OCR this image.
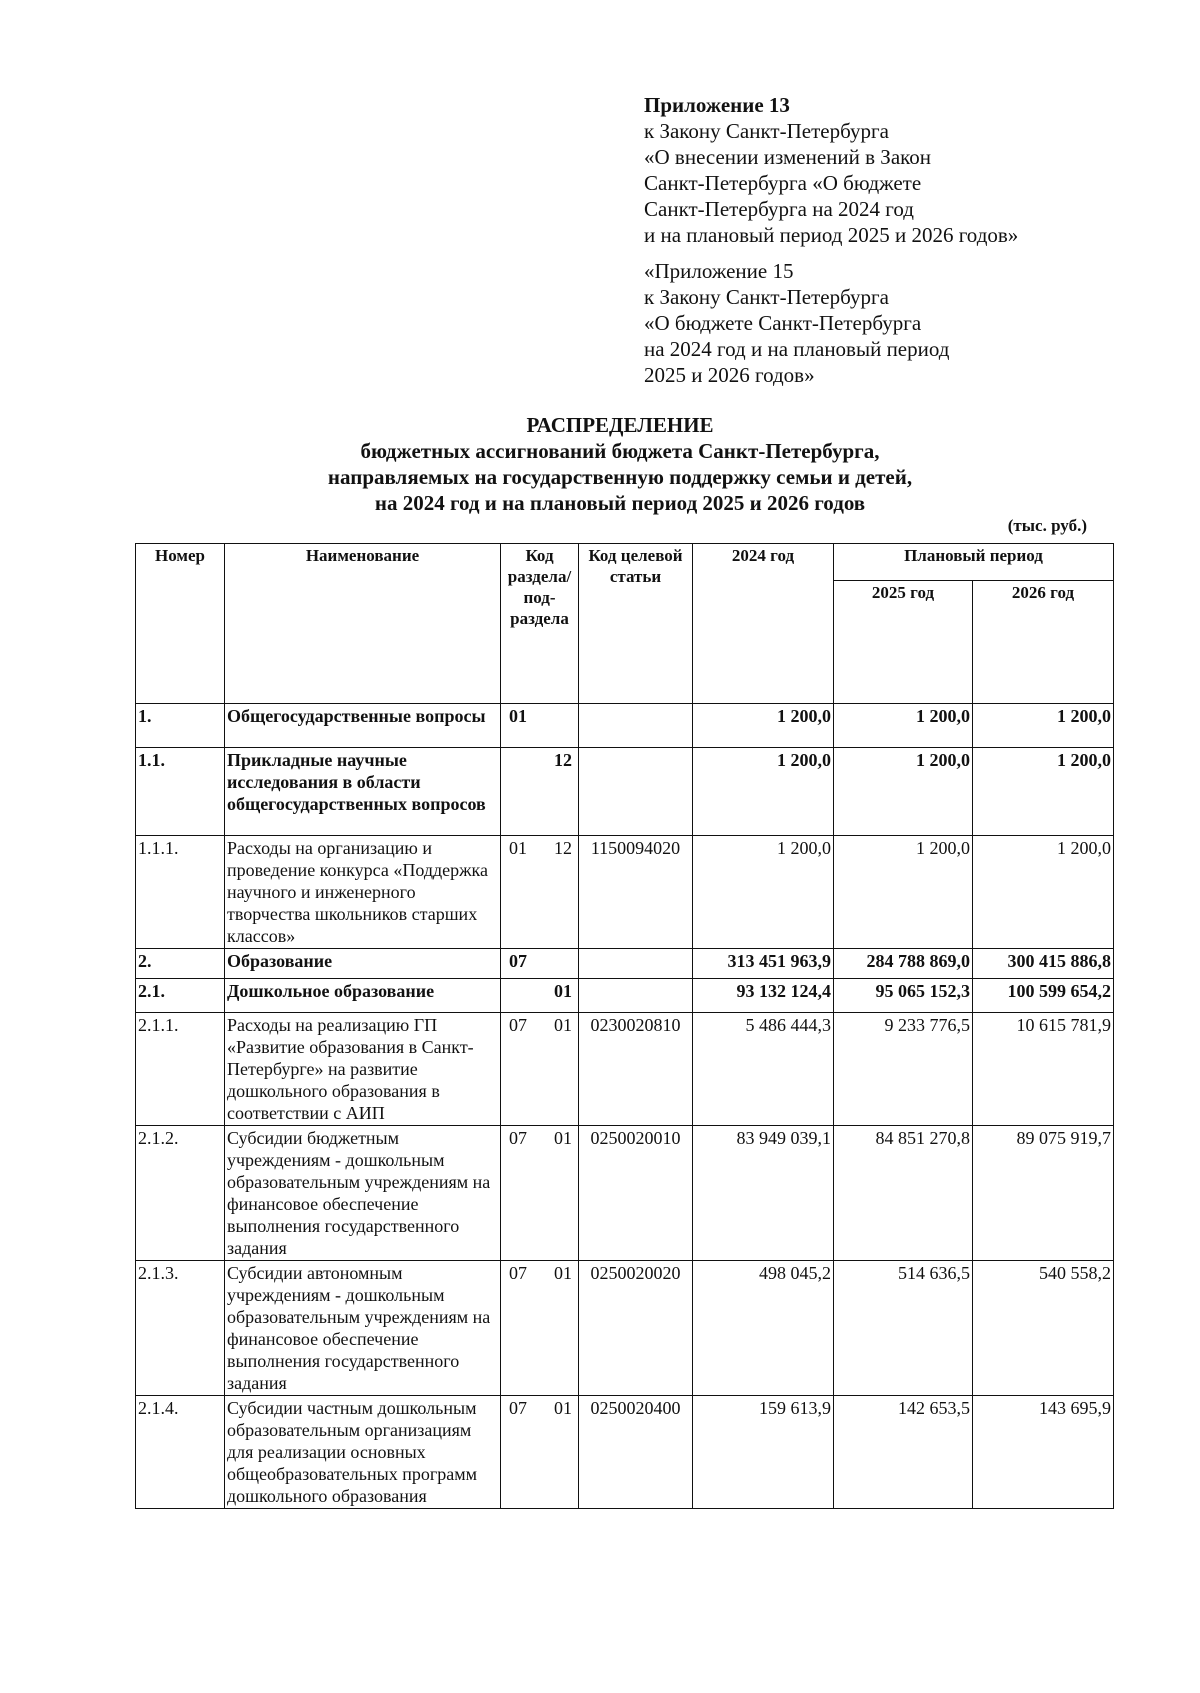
Приложение 13
к Закону Санкт-Петербурга
«О внесении изменений в Закон
Санкт-Петербурга «О бюджете
Санкт-Петербурга на 2024 год
и на плановый период 2025 и 2026 годов»
«Приложение 15
к Закону Санкт-Петербурга
«О бюджете Санкт-Петербурга
на 2024 год и на плановый период
2025 и 2026 годов»
РАСПРЕДЕЛЕНИЕ
бюджетных ассигнований бюджета Санкт-Петербурга,
направляемых на государственную поддержку семьи и детей,
на 2024 год и на плановый период 2025 и 2026 годов
(тыс. руб.)
Номер	Наименование	Код раздела/ под-раздела	Код целевой статьи	2024 год	Плановый период	
					2025 год	2026 год
1.	Общегосударственные вопросы	01		1 200,0	1 200,0	1 200,0
1.1.	Прикладные научные исследования в области общегосударственных вопросов	12		1 200,0	1 200,0	1 200,0
1.1.1.	Расходы на организацию и проведение конкурса «Поддержка научного и инженерного творчества школьников старших классов»	01 12	1150094020	1 200,0	1 200,0	1 200,0
2.	Образование	07		313 451 963,9	284 788 869,0	300 415 886,8
2.1.	Дошкольное образование	01		93 132 124,4	95 065 152,3	100 599 654,2
2.1.1.	Расходы на реализацию ГП «Развитие образования в Санкт-Петербурге» на развитие дошкольного образования в соответствии с АИП	07 01	0230020810	5 486 444,3	9 233 776,5	10 615 781,9
2.1.2.	Субсидии бюджетным учреждениям - дошкольным образовательным учреждениям на финансовое обеспечение выполнения государственного задания	07 01	0250020010	83 949 039,1	84 851 270,8	89 075 919,7
2.1.3.	Субсидии автономным учреждениям - дошкольным образовательным учреждениям на финансовое обеспечение выполнения государственного задания	07 01	0250020020	498 045,2	514 636,5	540 558,2
2.1.4.	Субсидии частным дошкольным образовательным организациям для реализации основных общеобразовательных программ дошкольного образования	07 01	0250020400	159 613,9	142 653,5	143 695,9
